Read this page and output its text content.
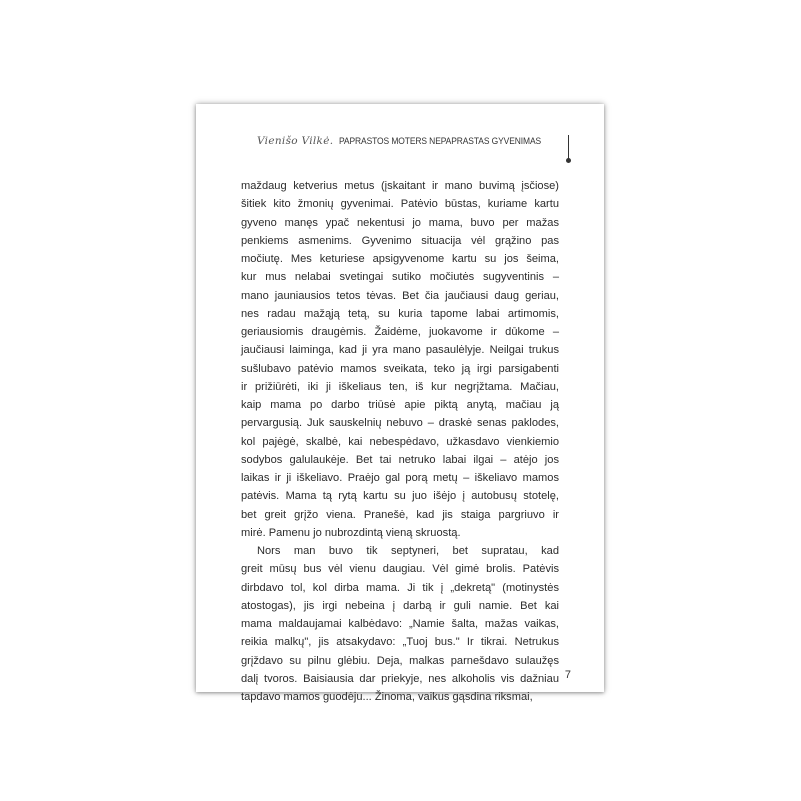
Vienišo Vilkė. PAPRASTOS MOTERS NEPAPRASTAS GYVENIMAS
maždaug ketverius metus (įskaitant ir mano buvimą įsčiose)
šitiek kito žmonių gyvenimai. Patėvio būstas, kuriame kartu
gyveno manęs ypač nekentusi jo mama, buvo per mažas
penkiems asmenims. Gyvenimo situacija vėl grąžino pas
močiutę. Mes keturiese apsigyvenome kartu su jos šeima,
kur mus nelabai svetingai sutiko močiutės sugyventinis –
mano jauniausios tetos tėvas. Bet čia jaučiausi daug geriau,
nes radau mažąją tetą, su kuria tapome labai artimomis,
geriausiomis draugėmis. Žaidėme, juokavome ir dūkome –
jaučiausi laiminga, kad ji yra mano pasaulėlyje. Neilgai trukus
sušlubavo patėvio mamos sveikata, teko ją irgi parsigabenti
ir prižiūrėti, iki ji iškeliaus ten, iš kur negrįžtama. Mačiau,
kaip mama po darbo triūsė apie piktą anytą, mačiau ją
pervargusią. Juk sauskelnių nebuvo – draskė senas paklodes,
kol pajėgė, skalbė, kai nebespėdavo, užkasdavo vienkiemio
sodybos galulaukėje. Bet tai netruko labai ilgai – atėjo jos
laikas ir ji iškeliavo. Praėjo gal porą metų – iškeliavo mamos
patėvis. Mama tą rytą kartu su juo išėjo į autobusų stotelę,
bet greit grįžo viena. Pranešė, kad jis staiga pargriuvo ir
mirė. Pamenu jo nubrozdintą vieną skruostą.
Nors man buvo tik septyneri, bet supratau, kad
greit mūsų bus vėl vienu daugiau. Vėl gimė brolis. Patėvis
dirbdavo tol, kol dirba mama. Ji tik į „dekretą" (motinystės
atostogas), jis irgi nebeina į darbą ir guli namie. Bet kai
mama maldaujamai kalbėdavo: „Namie šalta, mažas vaikas,
reikia malkų", jis atsakydavo: „Tuoj bus." Ir tikrai. Netrukus
grįždavo su pilnu glėbiu. Deja, malkas parnešdavo sulaužęs
dalį tvoros. Baisiausia dar priekyje, nes alkoholis vis dažniau
tapdavo mamos guodėju... Žinoma, vaikus gąsdina riksmai,
7
